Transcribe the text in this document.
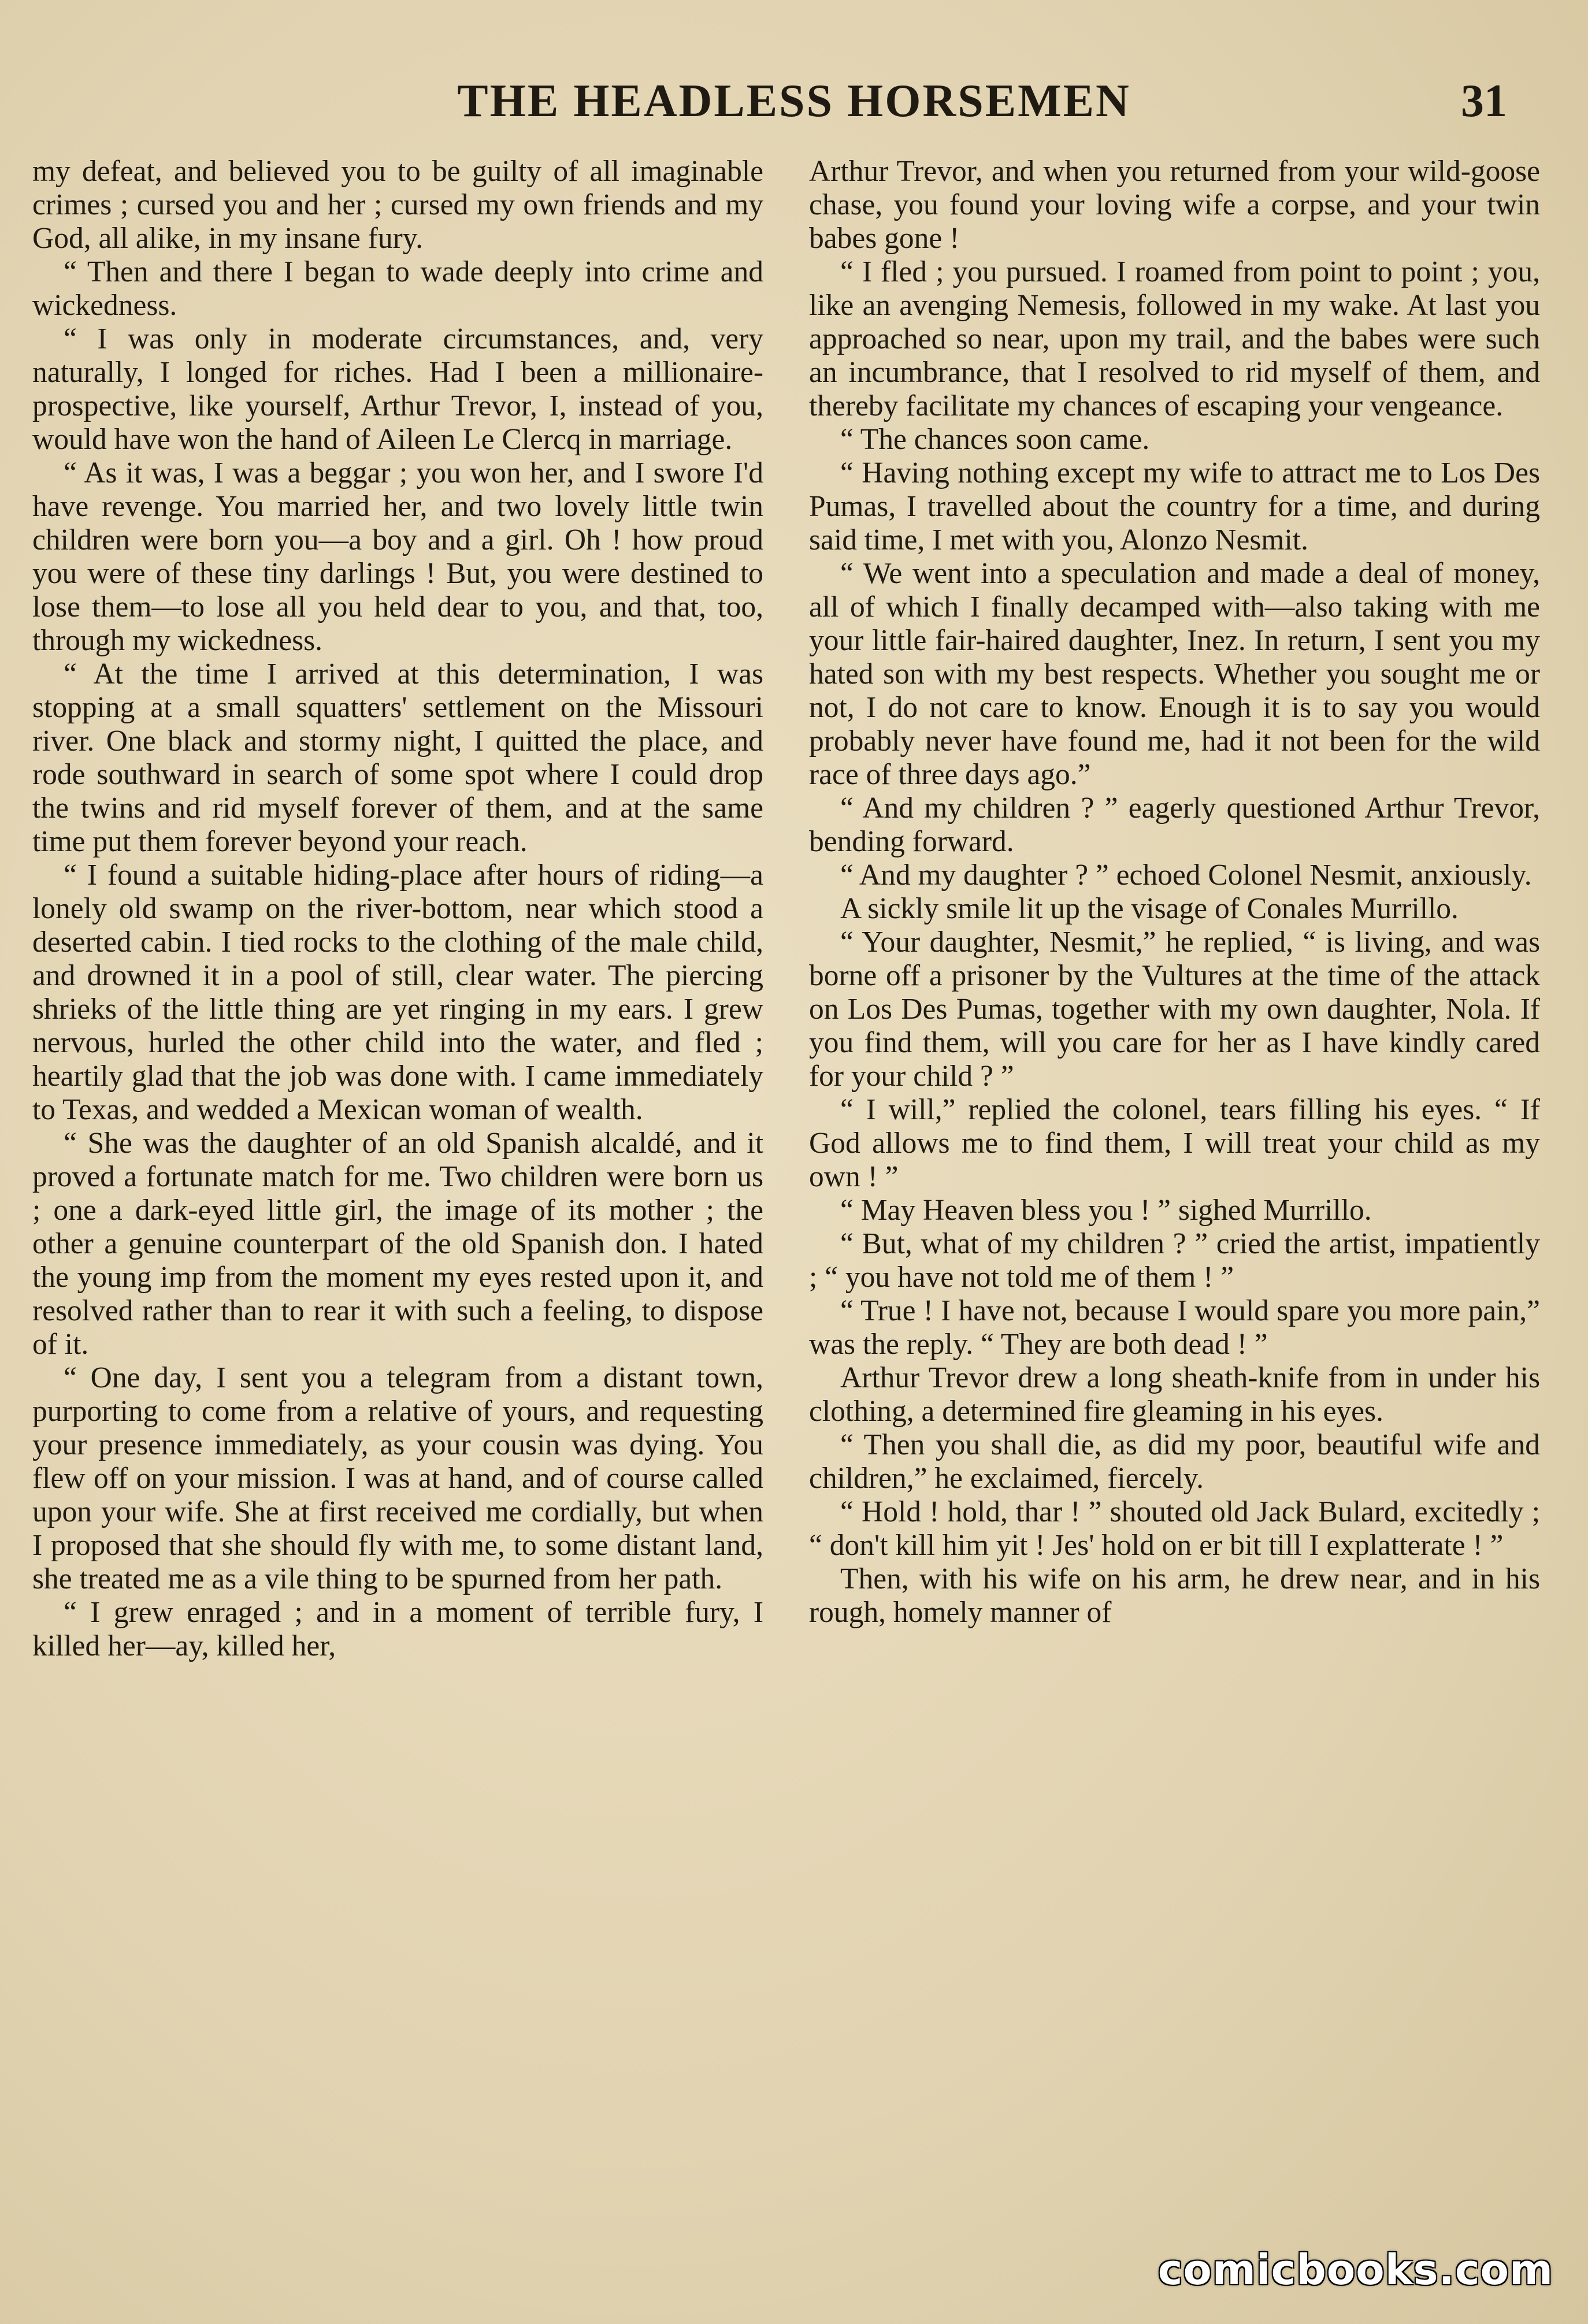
THE HEADLESS HORSEMEN	31

my defeat, and believed you to be guilty of all imaginable crimes ; cursed you and her ; cursed my own friends and my God, all alike, in my insane fury.

“ Then and there I began to wade deeply into crime and wickedness.

“ I was only in moderate circumstances, and, very naturally, I longed for riches. Had I been a millionaire-prospective, like yourself, Arthur Trevor, I, instead of you, would have won the hand of Aileen Le Clercq in marriage.

“ As it was, I was a beggar ; you won her, and I swore I'd have revenge. You married her, and two lovely little twin children were born you—a boy and a girl. Oh ! how proud you were of these tiny darlings ! But, you were destined to lose them—to lose all you held dear to you, and that, too, through my wickedness.

“ At the time I arrived at this determination, I was stopping at a small squatters' settlement on the Missouri river. One black and stormy night, I quitted the place, and rode southward in search of some spot where I could drop the twins and rid myself forever of them, and at the same time put them forever beyond your reach.

“ I found a suitable hiding-place after hours of riding—a lonely old swamp on the river-bottom, near which stood a deserted cabin. I tied rocks to the clothing of the male child, and drowned it in a pool of still, clear water. The piercing shrieks of the little thing are yet ringing in my ears. I grew nervous, hurled the other child into the water, and fled ; heartily glad that the job was done with. I came immediately to Texas, and wedded a Mexican woman of wealth.

“ She was the daughter of an old Spanish alcaldé, and it proved a fortunate match for me. Two children were born us ; one a dark-eyed little girl, the image of its mother ; the other a genuine counterpart of the old Spanish don. I hated the young imp from the moment my eyes rested upon it, and resolved rather than to rear it with such a feeling, to dispose of it.

“ One day, I sent you a telegram from a distant town, purporting to come from a relative of yours, and requesting your presence immediately, as your cousin was dying. You flew off on your mission. I was at hand, and of course called upon your wife. She at first received me cordially, but when I proposed that she should fly with me, to some distant land, she treated me as a vile thing to be spurned from her path.

“ I grew enraged ; and in a moment of terrible fury, I killed her—ay, killed her,

Arthur Trevor, and when you returned from your wild-goose chase, you found your loving wife a corpse, and your twin babes gone !

“ I fled ; you pursued. I roamed from point to point ; you, like an avenging Nemesis, followed in my wake. At last you approached so near, upon my trail, and the babes were such an incumbrance, that I resolved to rid myself of them, and thereby facilitate my chances of escaping your vengeance.

“ The chances soon came.

“ Having nothing except my wife to attract me to Los Des Pumas, I travelled about the country for a time, and during said time, I met with you, Alonzo Nesmit.

“ We went into a speculation and made a deal of money, all of which I finally decamped with—also taking with me your little fair-haired daughter, Inez. In return, I sent you my hated son with my best respects. Whether you sought me or not, I do not care to know. Enough it is to say you would probably never have found me, had it not been for the wild race of three days ago.”

“ And my children ? ” eagerly questioned Arthur Trevor, bending forward.

“ And my daughter ? ” echoed Colonel Nesmit, anxiously.

A sickly smile lit up the visage of Conales Murrillo.

“ Your daughter, Nesmit,” he replied, “ is living, and was borne off a prisoner by the Vultures at the time of the attack on Los Des Pumas, together with my own daughter, Nola. If you find them, will you care for her as I have kindly cared for your child ? ”

“ I will,” replied the colonel, tears filling his eyes. “ If God allows me to find them, I will treat your child as my own ! ”

“ May Heaven bless you ! ” sighed Murrillo.

“ But, what of my children ? ” cried the artist, impatiently ; “ you have not told me of them ! ”

“ True ! I have not, because I would spare you more pain,” was the reply. “ They are both dead ! ”

Arthur Trevor drew a long sheath-knife from in under his clothing, a determined fire gleaming in his eyes.

“ Then you shall die, as did my poor, beautiful wife and children,” he exclaimed, fiercely.

“ Hold ! hold, thar ! ” shouted old Jack Bulard, excitedly ; “ don't kill him yit ! Jes' hold on er bit till I explatterate ! ”

Then, with his wife on his arm, he drew near, and in his rough, homely manner of

comicbooks.com
